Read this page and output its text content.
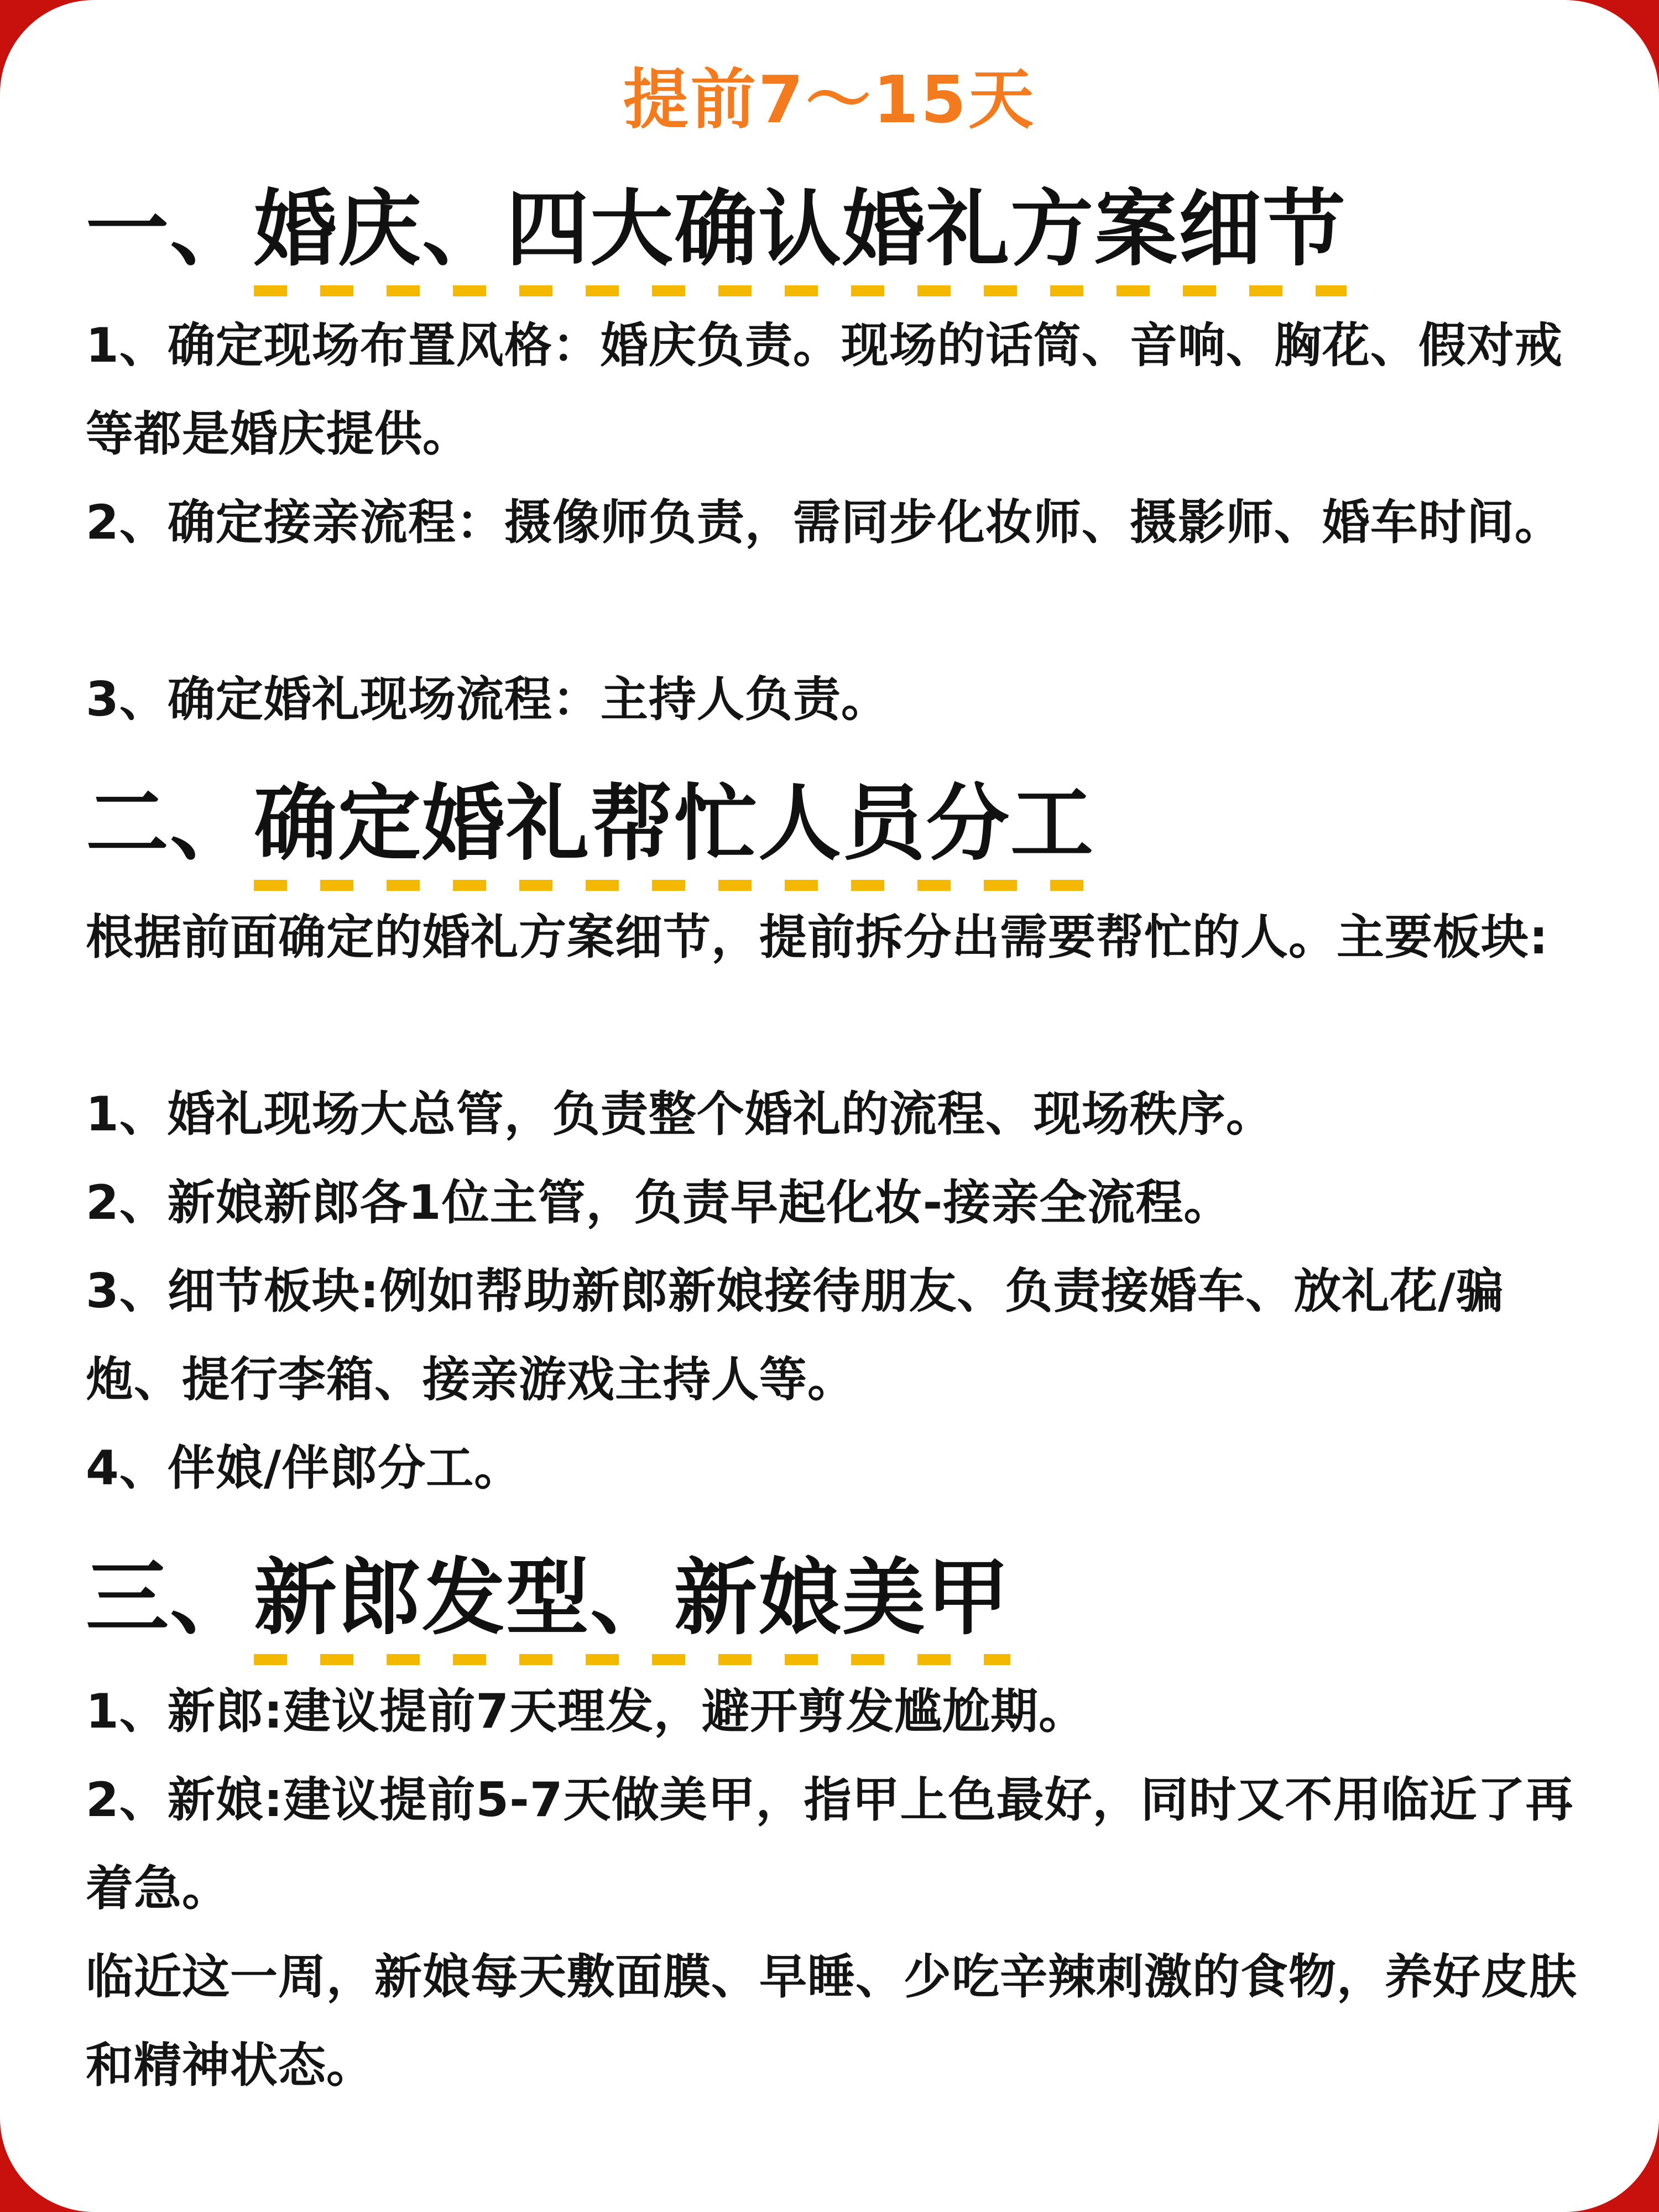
提前7～15天
一、婚庆、四大确认婚礼方案细节

1、确定现场布置风格：婚庆负责。现场的话筒、音响、胸花、假对戒等都是婚庆提供。

2、确定接亲流程：摄像师负责，需同步化妆师、摄影师、婚车时间。

3、确定婚礼现场流程：主持人负责。

二、确定婚礼帮忙人员分工

根据前面确定的婚礼方案细节，提前拆分出需要帮忙的人。主要板块:

1、婚礼现场大总管，负责整个婚礼的流程、现场秩序。

2、新娘新郎各1位主管，负责早起化妆-接亲全流程。

3、细节板块:例如帮助新郎新娘接待朋友、负责接婚车、放礼花/骗炮、提行李箱、接亲游戏主持人等。

4、伴娘/伴郎分工。

三、新郎发型、新娘美甲

1、新郎:建议提前7天理发，避开剪发尴尬期。

2、新娘:建议提前5-7天做美甲，指甲上色最好，同时又不用临近了再着急。

临近这一周，新娘每天敷面膜、早睡、少吃辛辣刺激的食物，养好皮肤和精神状态。
